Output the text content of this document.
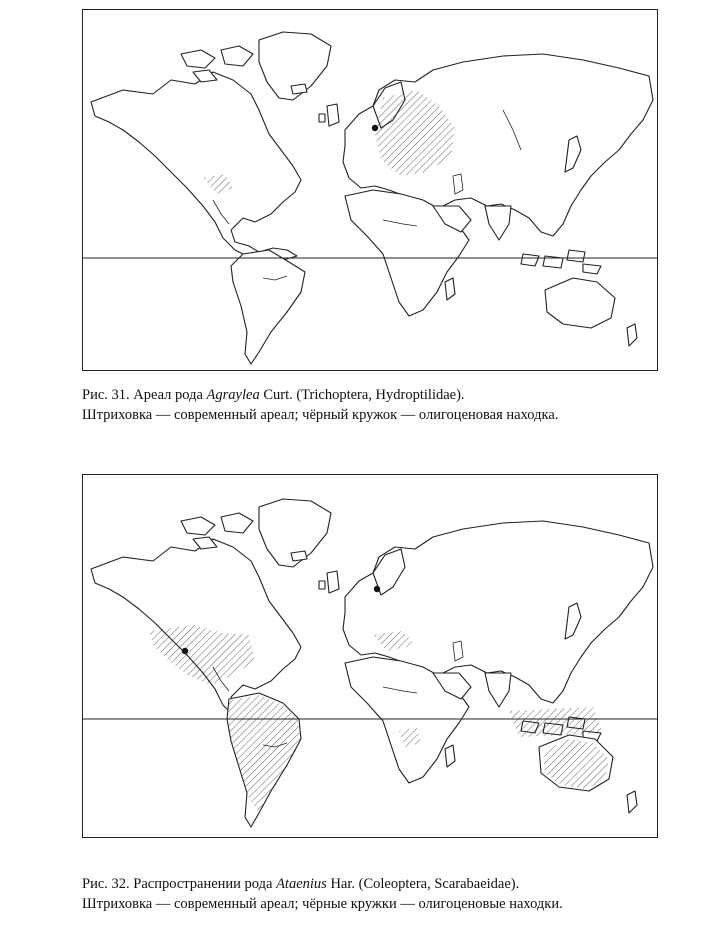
Рис. 31. Ареал рода Agraylea Curt. (Trichoptera, Hydroptilidae).
Штриховка — современный ареал; чёрный кружок — олигоценовая находка.
Рис. 32. Распространении рода Ataenius Har. (Coleoptera, Scarabaeidae).
Штриховка — современный ареал; чёрные кружки — олигоценовые находки.
